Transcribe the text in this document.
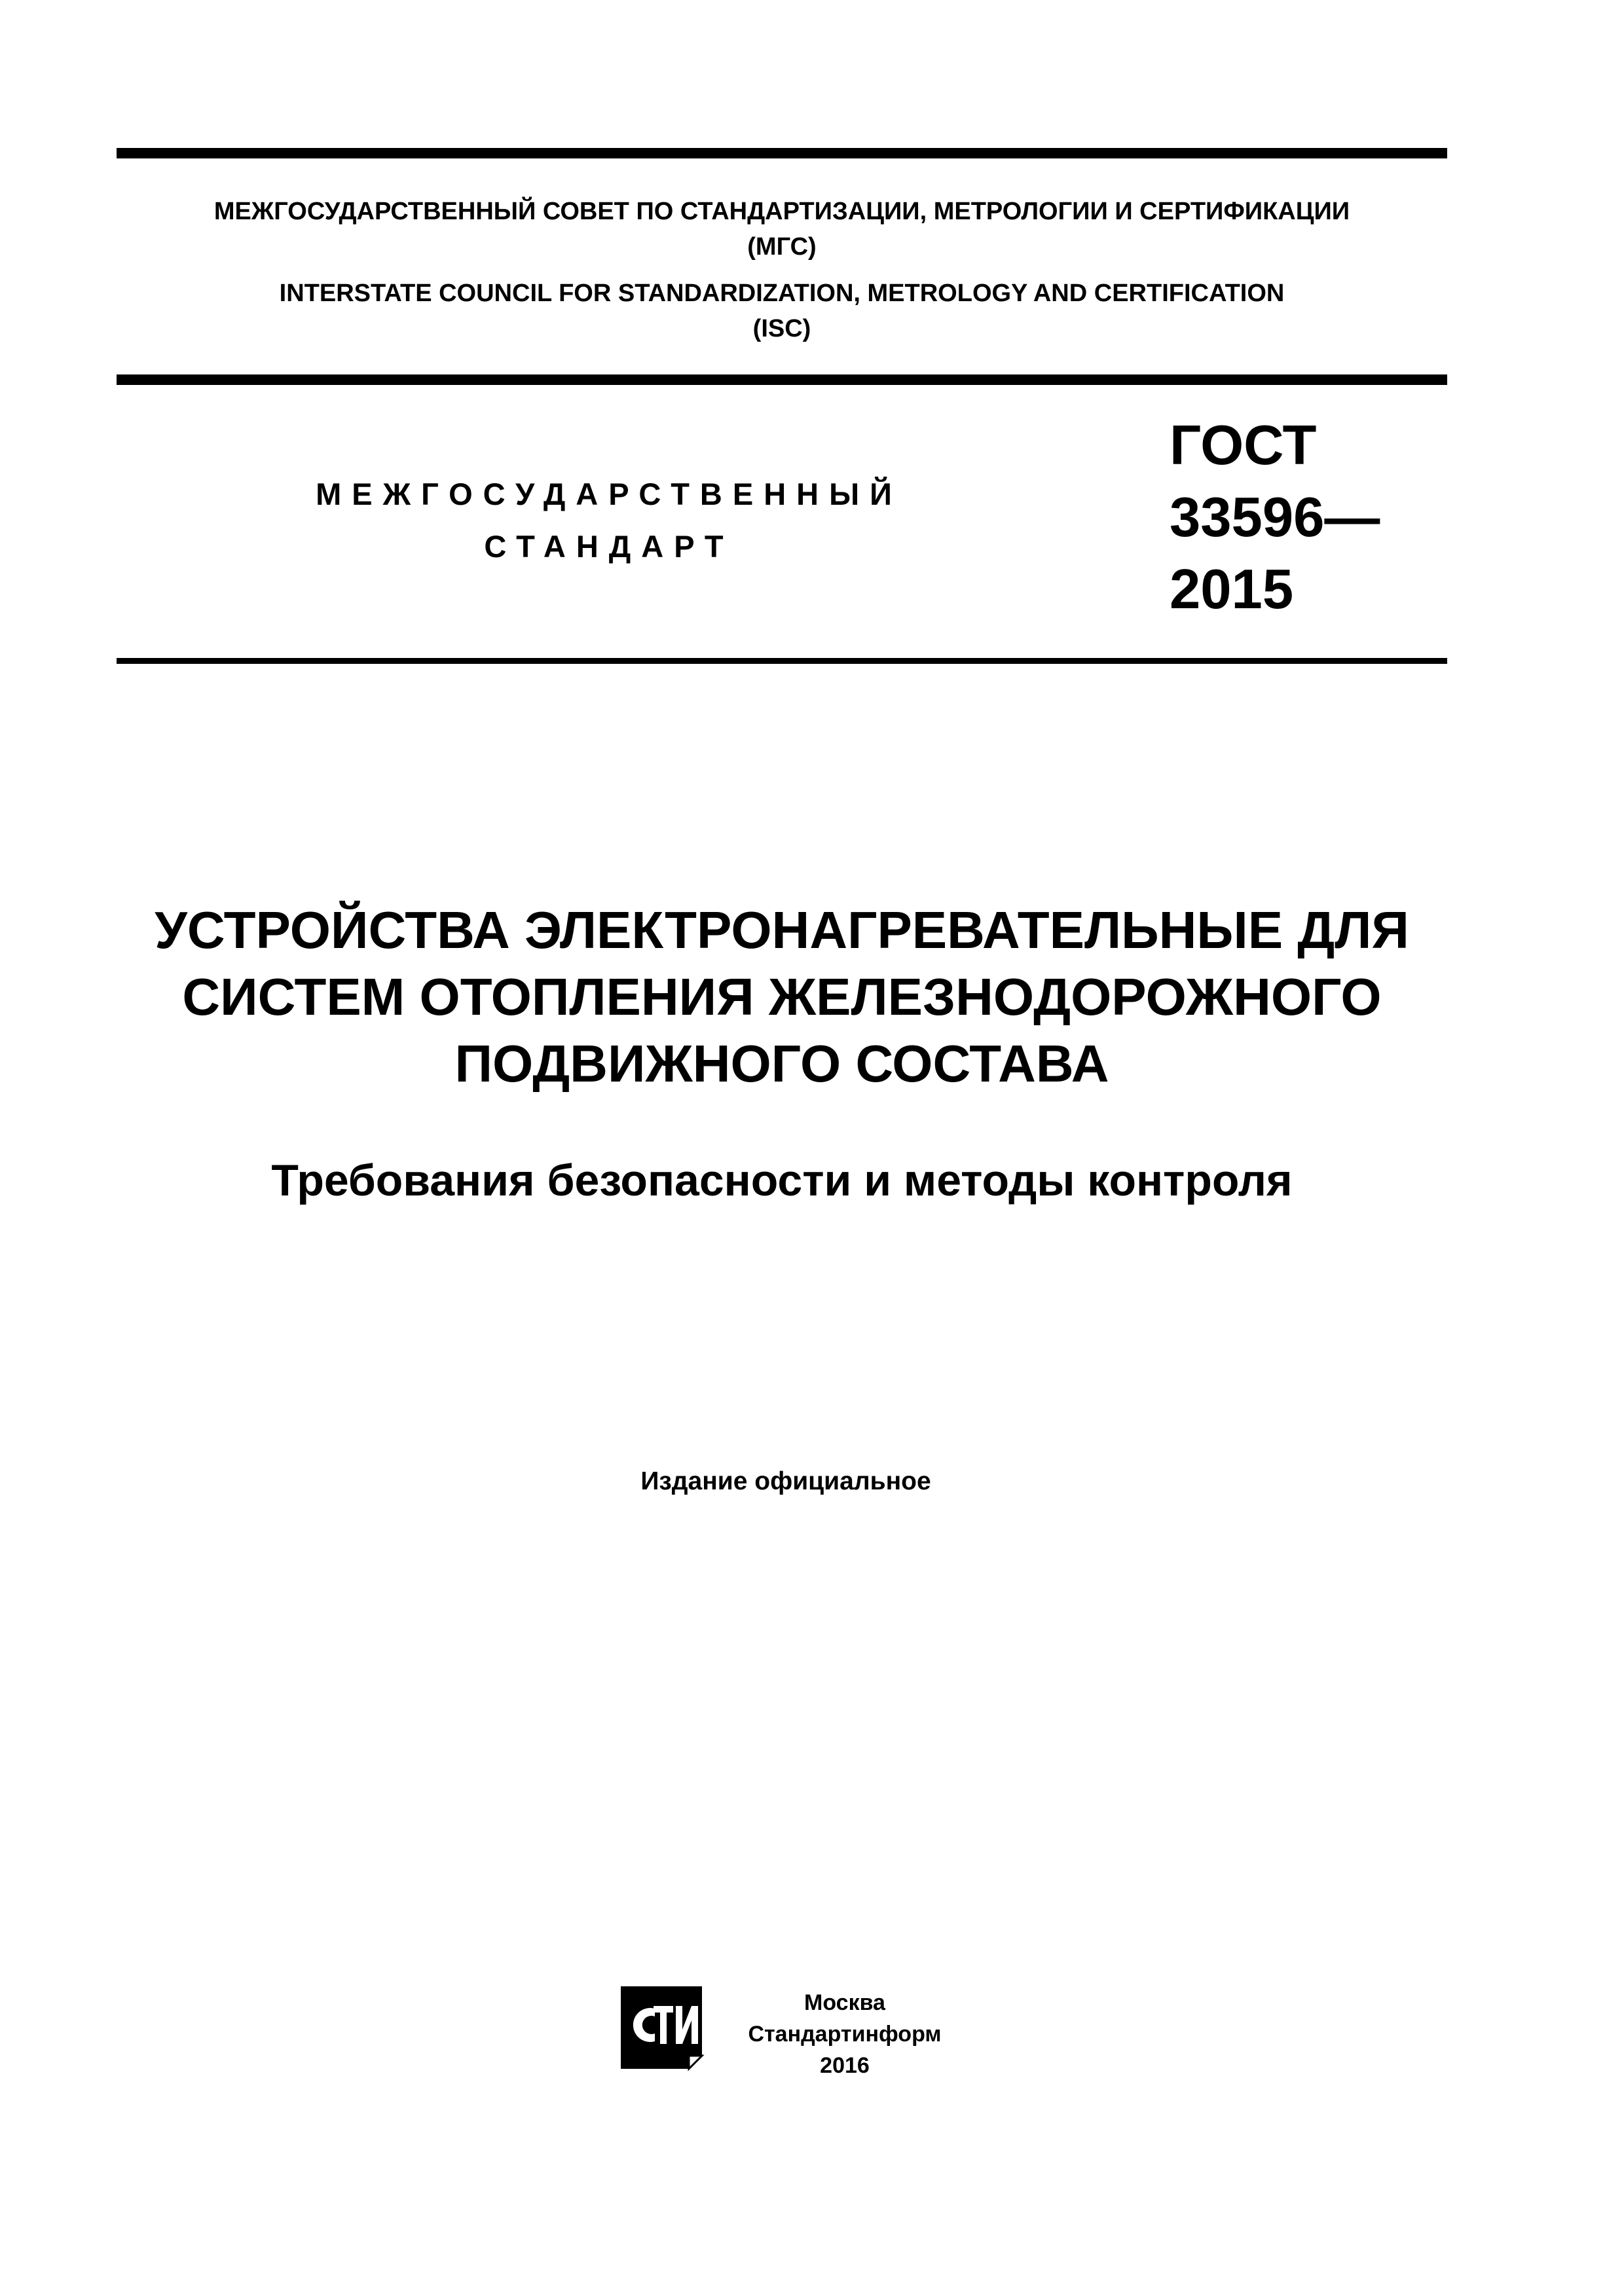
МЕЖГОСУДАРСТВЕННЫЙ СОВЕТ ПО СТАНДАРТИЗАЦИИ, МЕТРОЛОГИИ И СЕРТИФИКАЦИИ
(МГС)
INTERSTATE COUNCIL FOR STANDARDIZATION, METROLOGY AND CERTIFICATION
(ISC)
МЕЖГОСУДАРСТВЕННЫЙ
СТАНДАРТ
ГОСТ
33596—
2015
УСТРОЙСТВА ЭЛЕКТРОНАГРЕВАТЕЛЬНЫЕ ДЛЯ
СИСТЕМ ОТОПЛЕНИЯ ЖЕЛЕЗНОДОРОЖНОГО
ПОДВИЖНОГО СОСТАВА
Требования безопасности и методы контроля
Издание официальное
Москва
Стандартинформ
2016
